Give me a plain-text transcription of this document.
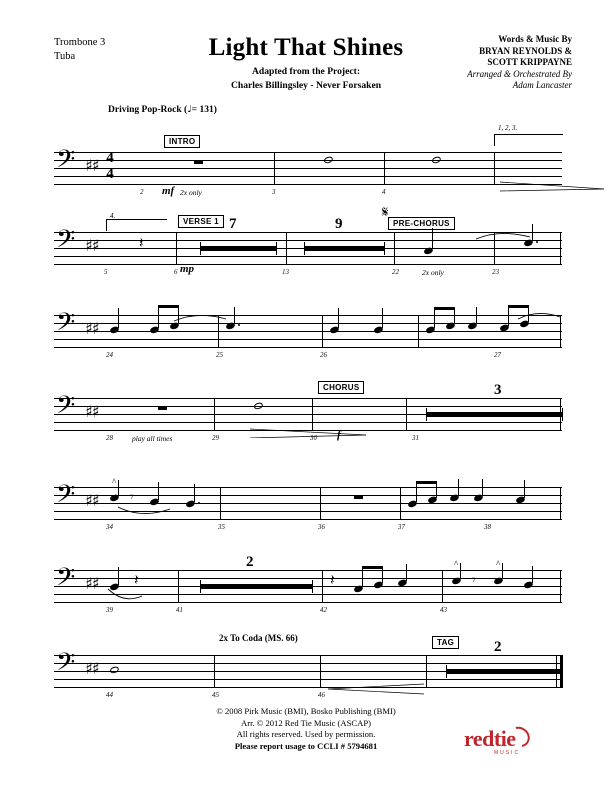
Trombone 3
Tuba	Light That Shines
Adapted from the Project:
Charles Billingsley - Never Forsaken
Words & Music By
BRYAN REYNOLDS &
SCOTT KRIPPAYNE
Arranged & Orchestrated By
Adam Lancaster
Driving Pop-Rock (♩= 131)
𝄢 ♯♯ 4
4
INTRO
mf 2x only
2	3	4
1, 2, 3.
𝄢 ♯♯
4.
𝄽
5
VERSE 1 7
mp
6
9
13
𝄋
PRE-CHORUS
2x only
22	23
𝄢 ♯♯
24	25	26	27
𝄢 ♯♯
28	play all times	29
CHORUS
30 f
3
31
𝄢 ♯♯
^
𝄾
34	35	36	37	38
𝄢 ♯♯ 𝄽
39
2
41
𝄽
42
^
𝄾
^
43
𝄢 ♯♯
2x To Coda (MS. 66)
44	45	46
TAG	2
© 2008 Pirk Music (BMI), Bosko Publishing (BMI)
Arr. © 2012 Red Tie Music (ASCAP)
All rights reserved. Used by permission.
Please report usage to CCLI # 5794681	redtie
MUSIC
